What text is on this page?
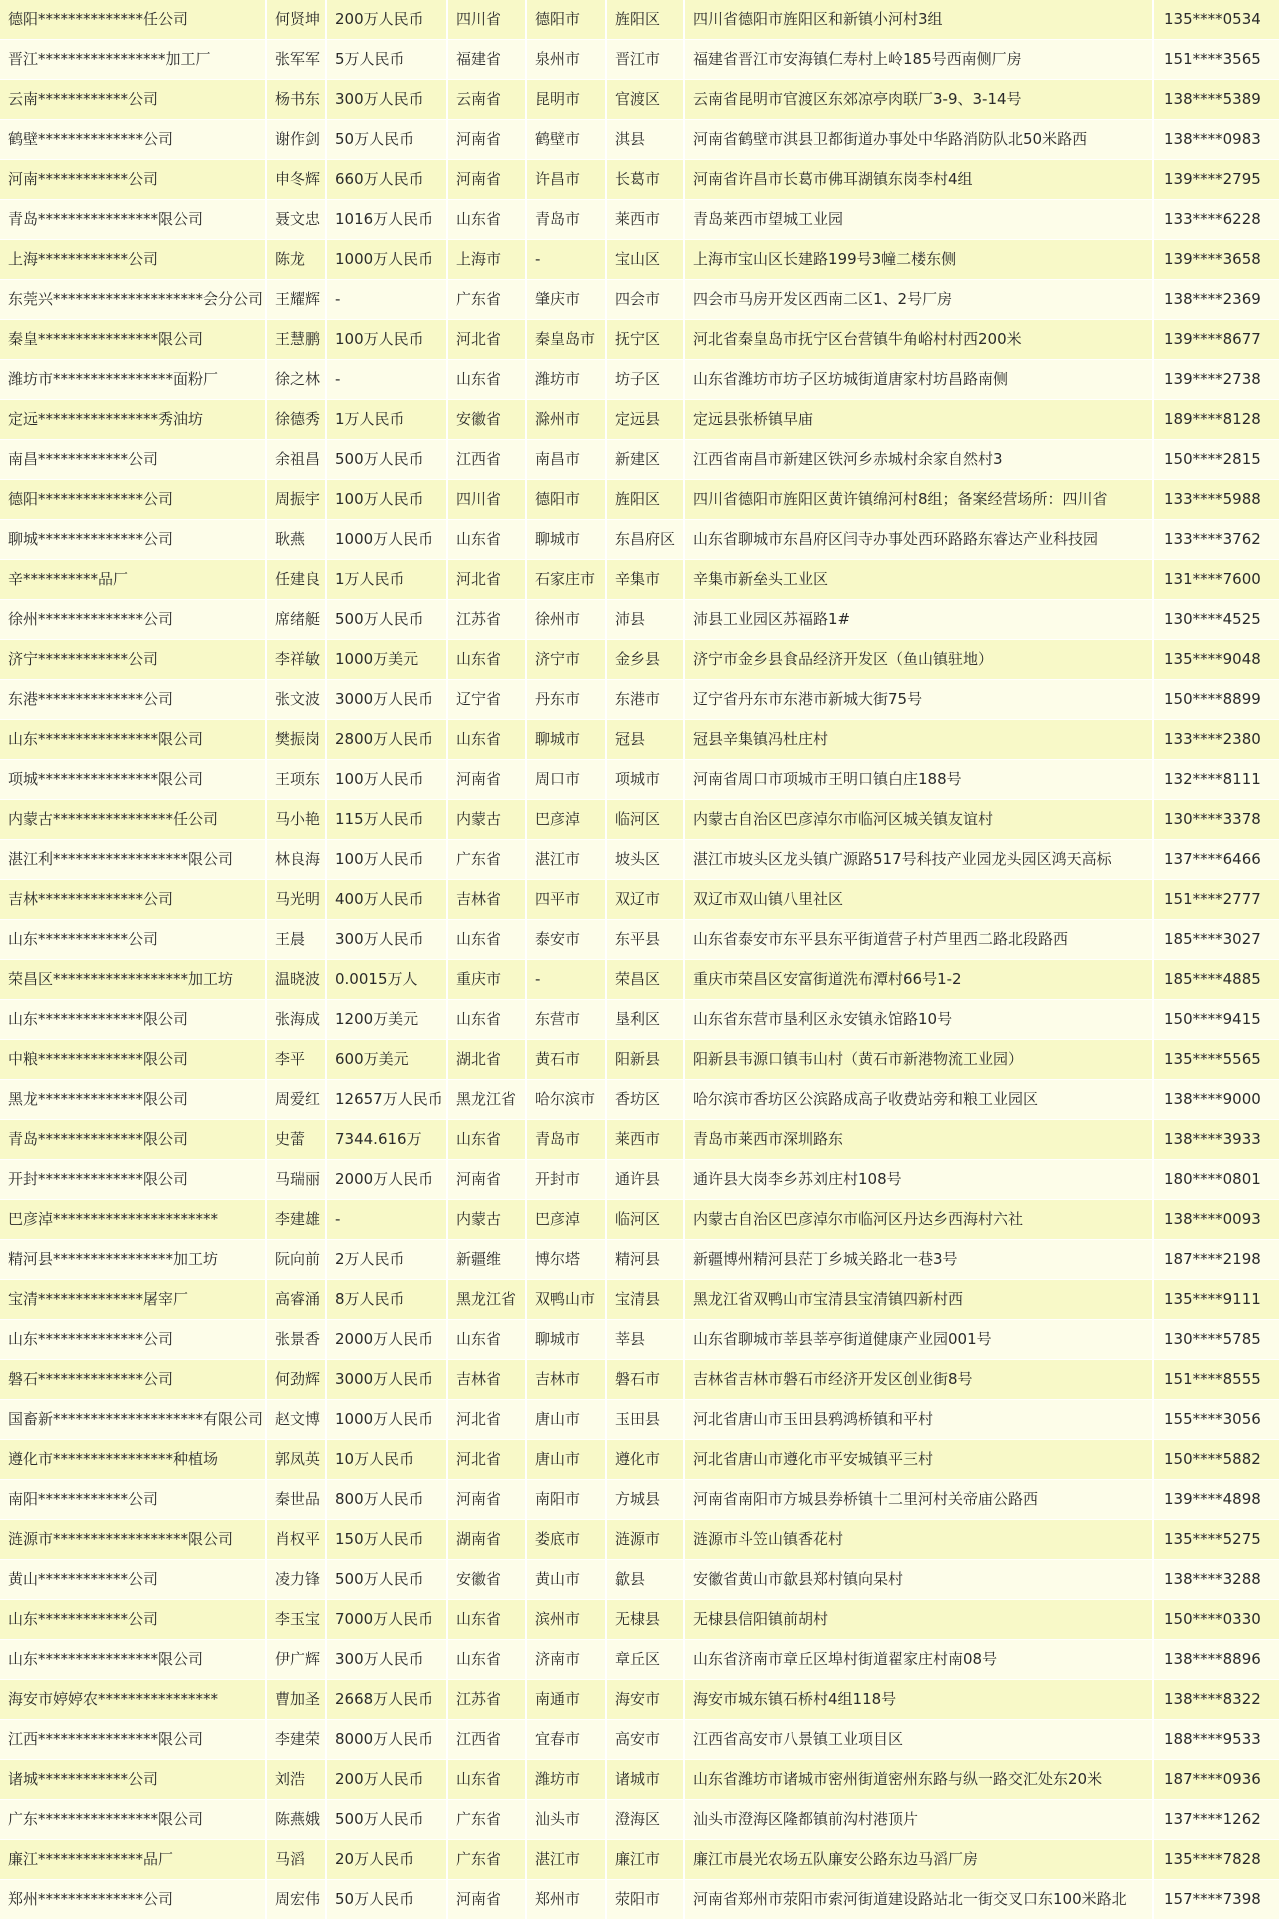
德阳**************任公司	何贤坤	200万人民币	四川省	德阳市	旌阳区	四川省德阳市旌阳区和新镇小河村3组	135****0534
晋江*****************加工厂	张军军	5万人民币	福建省	泉州市	晋江市	福建省晋江市安海镇仁寿村上岭185号西南侧厂房	151****3565
云南************公司	杨书东	300万人民币	云南省	昆明市	官渡区	云南省昆明市官渡区东郊凉亭肉联厂3-9、3-14号	138****5389
鹤壁**************公司	谢作剑	50万人民币	河南省	鹤壁市	淇县	河南省鹤壁市淇县卫都街道办事处中华路消防队北50米路西	138****0983
河南************公司	申冬辉	660万人民币	河南省	许昌市	长葛市	河南省许昌市长葛市佛耳湖镇东岗李村4组	139****2795
青岛****************限公司	聂文忠	1016万人民币	山东省	青岛市	莱西市	青岛莱西市望城工业园	133****6228
上海************公司	陈龙	1000万人民币	上海市	-	宝山区	上海市宝山区长建路199号3幢二楼东侧	139****3658
东莞兴********************会分公司	王耀辉	-	广东省	肇庆市	四会市	四会市马房开发区西南二区1、2号厂房	138****2369
秦皇****************限公司	王慧鹏	100万人民币	河北省	秦皇岛市	抚宁区	河北省秦皇岛市抚宁区台营镇牛角峪村村西200米	139****8677
潍坊市****************面粉厂	徐之林	-	山东省	潍坊市	坊子区	山东省潍坊市坊子区坊城街道唐家村坊昌路南侧	139****2738
定远****************秀油坊	徐德秀	1万人民币	安徽省	滁州市	定远县	定远县张桥镇早庙	189****8128
南昌************公司	余祖昌	500万人民币	江西省	南昌市	新建区	江西省南昌市新建区铁河乡赤城村余家自然村3	150****2815
德阳**************公司	周振宇	100万人民币	四川省	德阳市	旌阳区	四川省德阳市旌阳区黄许镇绵河村8组；备案经营场所：四川省	133****5988
聊城**************公司	耿燕	1000万人民币	山东省	聊城市	东昌府区	山东省聊城市东昌府区闫寺办事处西环路路东睿达产业科技园	133****3762
辛**********品厂	任建良	1万人民币	河北省	石家庄市	辛集市	辛集市新垒头工业区	131****7600
徐州**************公司	席绪艇	500万人民币	江苏省	徐州市	沛县	沛县工业园区苏福路1#	130****4525
济宁************公司	李祥敏	1000万美元	山东省	济宁市	金乡县	济宁市金乡县食品经济开发区（鱼山镇驻地）	135****9048
东港**************公司	张文波	3000万人民币	辽宁省	丹东市	东港市	辽宁省丹东市东港市新城大街75号	150****8899
山东****************限公司	樊振岗	2800万人民币	山东省	聊城市	冠县	冠县辛集镇冯杜庄村	133****2380
项城****************限公司	王项东	100万人民币	河南省	周口市	项城市	河南省周口市项城市王明口镇白庄188号	132****8111
内蒙古****************任公司	马小艳	115万人民币	内蒙古	巴彦淖	临河区	内蒙古自治区巴彦淖尔市临河区城关镇友谊村	130****3378
湛江利******************限公司	林良海	100万人民币	广东省	湛江市	坡头区	湛江市坡头区龙头镇广源路517号科技产业园龙头园区鸿天高标	137****6466
吉林**************公司	马光明	400万人民币	吉林省	四平市	双辽市	双辽市双山镇八里社区	151****2777
山东************公司	王晨	300万人民币	山东省	泰安市	东平县	山东省泰安市东平县东平街道营子村芦里西二路北段路西	185****3027
荣昌区******************加工坊	温晓波	0.0015万人	重庆市	-	荣昌区	重庆市荣昌区安富街道洗布潭村66号1-2	185****4885
山东**************限公司	张海成	1200万美元	山东省	东营市	垦利区	山东省东营市垦利区永安镇永馆路10号	150****9415
中粮**************限公司	李平	600万美元	湖北省	黄石市	阳新县	阳新县韦源口镇韦山村（黄石市新港物流工业园）	135****5565
黑龙**************限公司	周爱红	12657万人民币	黑龙江省	哈尔滨市	香坊区	哈尔滨市香坊区公滨路成高子收费站旁和粮工业园区	138****9000
青岛**************限公司	史蕾	7344.616万	山东省	青岛市	莱西市	青岛市莱西市深圳路东	138****3933
开封**************限公司	马瑞丽	2000万人民币	河南省	开封市	通许县	通许县大岗李乡苏刘庄村108号	180****0801
巴彦淖**********************	李建雄	-	内蒙古	巴彦淖	临河区	内蒙古自治区巴彦淖尔市临河区丹达乡西海村六社	138****0093
精河县****************加工坊	阮向前	2万人民币	新疆维	博尔塔	精河县	新疆博州精河县茫丁乡城关路北一巷3号	187****2198
宝清**************屠宰厂	高睿涌	8万人民币	黑龙江省	双鸭山市	宝清县	黑龙江省双鸭山市宝清县宝清镇四新村西	135****9111
山东**************公司	张景香	2000万人民币	山东省	聊城市	莘县	山东省聊城市莘县莘亭街道健康产业园001号	130****5785
磐石**************公司	何劲辉	3000万人民币	吉林省	吉林市	磐石市	吉林省吉林市磐石市经济开发区创业街8号	151****8555
国畜新********************有限公司	赵文博	1000万人民币	河北省	唐山市	玉田县	河北省唐山市玉田县鸦鸿桥镇和平村	155****3056
遵化市****************种植场	郭凤英	10万人民币	河北省	唐山市	遵化市	河北省唐山市遵化市平安城镇平三村	150****5882
南阳************公司	秦世品	800万人民币	河南省	南阳市	方城县	河南省南阳市方城县券桥镇十二里河村关帝庙公路西	139****4898
涟源市******************限公司	肖权平	150万人民币	湖南省	娄底市	涟源市	涟源市斗笠山镇香花村	135****5275
黄山************公司	凌力锋	500万人民币	安徽省	黄山市	歙县	安徽省黄山市歙县郑村镇向杲村	138****3288
山东************公司	李玉宝	7000万人民币	山东省	滨州市	无棣县	无棣县信阳镇前胡村	150****0330
山东****************限公司	伊广辉	300万人民币	山东省	济南市	章丘区	山东省济南市章丘区埠村街道翟家庄村南08号	138****8896
海安市婷婷农****************	曹加圣	2668万人民币	江苏省	南通市	海安市	海安市城东镇石桥村4组118号	138****8322
江西****************限公司	李建荣	8000万人民币	江西省	宜春市	高安市	江西省高安市八景镇工业项目区	188****9533
诸城************公司	刘浩	200万人民币	山东省	潍坊市	诸城市	山东省潍坊市诸城市密州街道密州东路与纵一路交汇处东20米	187****0936
广东****************限公司	陈燕娥	500万人民币	广东省	汕头市	澄海区	汕头市澄海区隆都镇前沟村港顶片	137****1262
廉江**************品厂	马滔	20万人民币	广东省	湛江市	廉江市	廉江市晨光农场五队廉安公路东边马滔厂房	135****7828
郑州**************公司	周宏伟	50万人民币	河南省	郑州市	荥阳市	河南省郑州市荥阳市索河街道建设路站北一街交叉口东100米路北	157****7398
